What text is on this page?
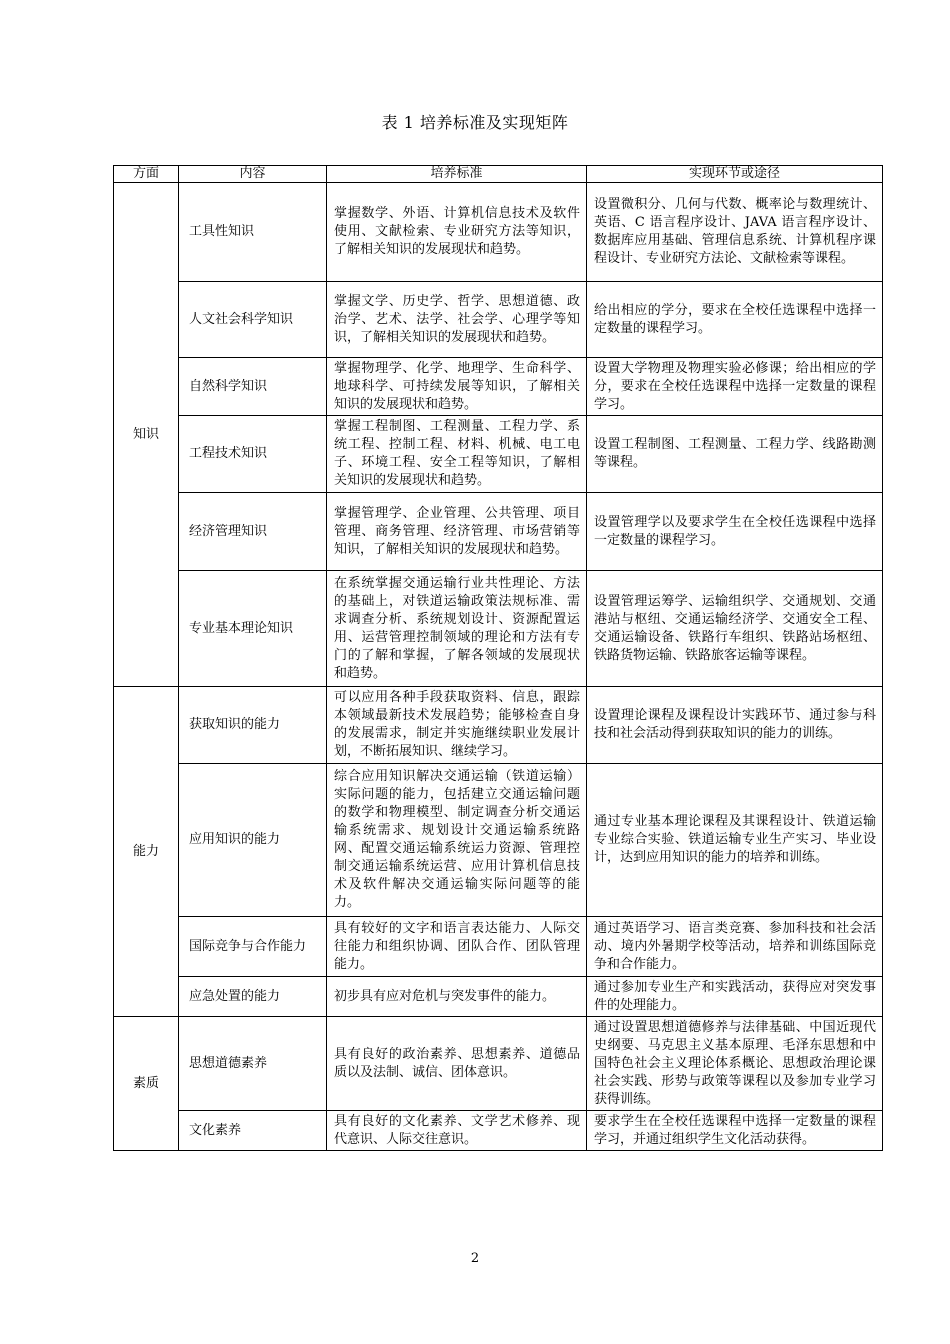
表 1 培养标准及实现矩阵
方面	内容	培养标准	实现环节或途径
知识	工具性知识	掌握数学、外语、计算机信息技术及软件使用、文献检索、专业研究方法等知识，了解相关知识的发展现状和趋势。	设置微积分、几何与代数、概率论与数理统计、英语、C 语言程序设计、JAVA 语言程序设计、数据库应用基础、管理信息系统、计算机程序课程设计、专业研究方法论、文献检索等课程。
	人文社会科学知识	掌握文学、历史学、哲学、思想道德、政治学、艺术、法学、社会学、心理学等知识，了解相关知识的发展现状和趋势。	给出相应的学分，要求在全校任选课程中选择一定数量的课程学习。
	自然科学知识	掌握物理学、化学、地理学、生命科学、地球科学、可持续发展等知识，了解相关知识的发展现状和趋势。	设置大学物理及物理实验必修课；给出相应的学分，要求在全校任选课程中选择一定数量的课程学习。
	工程技术知识	掌握工程制图、工程测量、工程力学、系统工程、控制工程、材料、机械、电工电子、环境工程、安全工程等知识，了解相关知识的发展现状和趋势。	设置工程制图、工程测量、工程力学、线路勘测等课程。
	经济管理知识	掌握管理学、企业管理、公共管理、项目管理、商务管理、经济管理、市场营销等知识，了解相关知识的发展现状和趋势。	设置管理学以及要求学生在全校任选课程中选择一定数量的课程学习。
	专业基本理论知识	在系统掌握交通运输行业共性理论、方法的基础上，对铁道运输政策法规标准、需求调查分析、系统规划设计、资源配置运用、运营管理控制领域的理论和方法有专门的了解和掌握，了解各领域的发展现状和趋势。	设置管理运筹学、运输组织学、交通规划、交通港站与枢纽、交通运输经济学、交通安全工程、交通运输设备、铁路行车组织、铁路站场枢纽、铁路货物运输、铁路旅客运输等课程。
能力	获取知识的能力	可以应用各种手段获取资料、信息，跟踪本领域最新技术发展趋势；能够检查自身的发展需求，制定并实施继续职业发展计划，不断拓展知识、继续学习。	设置理论课程及课程设计实践环节、通过参与科技和社会活动得到获取知识的能力的训练。
	应用知识的能力	综合应用知识解决交通运输（铁道运输）实际问题的能力，包括建立交通运输问题的数学和物理模型、制定调查分析交通运输系统需求、规划设计交通运输系统路网、配置交通运输系统运力资源、管理控制交通运输系统运营、应用计算机信息技术及软件解决交通运输实际问题等的能力。	通过专业基本理论课程及其课程设计、铁道运输专业综合实验、铁道运输专业生产实习、毕业设计，达到应用知识的能力的培养和训练。
	国际竞争与合作能力	具有较好的文字和语言表达能力、人际交往能力和组织协调、团队合作、团队管理能力。	通过英语学习、语言类竞赛、参加科技和社会活动、境内外暑期学校等活动，培养和训练国际竞争和合作能力。
	应急处置的能力	初步具有应对危机与突发事件的能力。	通过参加专业生产和实践活动，获得应对突发事件的处理能力。
素质	思想道德素养	具有良好的政治素养、思想素养、道德品质以及法制、诚信、团体意识。	通过设置思想道德修养与法律基础、中国近现代史纲要、马克思主义基本原理、毛泽东思想和中国特色社会主义理论体系概论、思想政治理论课社会实践、形势与政策等课程以及参加专业学习获得训练。
	文化素养	具有良好的文化素养、文学艺术修养、现代意识、人际交往意识。	要求学生在全校任选课程中选择一定数量的课程学习，并通过组织学生文化活动获得。
2
